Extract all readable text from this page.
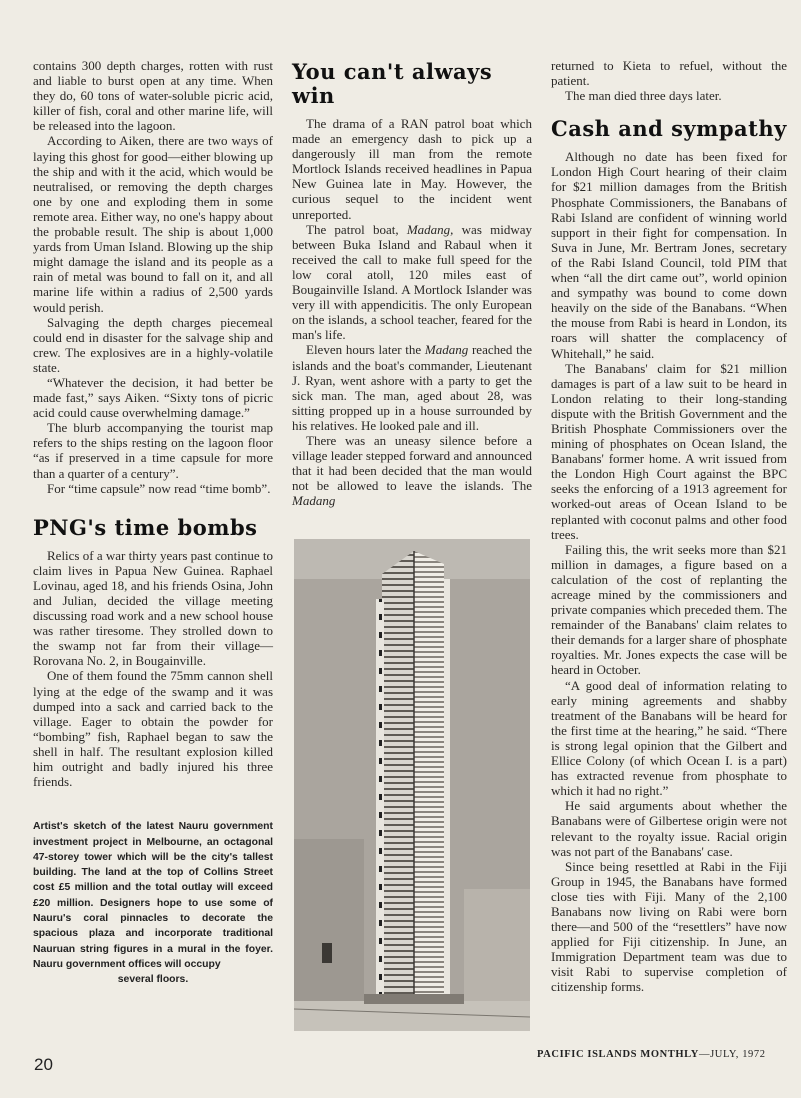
contains 300 depth charges, rotten with rust and liable to burst open at any time. When they do, 60 tons of water-soluble picric acid, killer of fish, coral and other marine life, will be released into the lagoon.

According to Aiken, there are two ways of laying this ghost for good—either blowing up the ship and with it the acid, which would be neutralised, or removing the depth charges one by one and exploding them in some remote area. Either way, no one's happy about the probable result. The ship is about 1,000 yards from Uman Island. Blowing up the ship might damage the island and its people as a rain of metal was bound to fall on it, and all marine life within a radius of 2,500 yards would perish.

Salvaging the depth charges piecemeal could end in disaster for the salvage ship and crew. The explosives are in a highly-volatile state.

“Whatever the decision, it had better be made fast,” says Aiken. “Sixty tons of picric acid could cause overwhelming damage.”

The blurb accompanying the tourist map refers to the ships resting on the lagoon floor “as if preserved in a time capsule for more than a quarter of a century”.

For “time capsule” now read “time bomb”.

PNG's time bombs

Relics of a war thirty years past continue to claim lives in Papua New Guinea. Raphael Lovinau, aged 18, and his friends Osina, John and Julian, decided the village meeting discussing road work and a new school house was rather tiresome. They strolled down to the swamp not far from their village—Rorovana No. 2, in Bougainville.

One of them found the 75mm cannon shell lying at the edge of the swamp and it was dumped into a sack and carried back to the village. Eager to obtain the powder for “bombing” fish, Raphael began to saw the shell in half. The resultant explosion killed him outright and badly injured his three friends.

Artist's sketch of the latest Nauru government investment project in Melbourne, an octagonal 47-storey tower which will be the city's tallest building. The land at the top of Collins Street cost £5 million and the total outlay will exceed £20 million. Designers hope to use some of Nauru's coral pinnacles to decorate the spacious plaza and incorporate traditional Nauruan string figures in a mural in the foyer. Nauru government offices will occupy
several floors.
You can't always win

The drama of a RAN patrol boat which made an emergency dash to pick up a dangerously ill man from the remote Mortlock Islands received headlines in Papua New Guinea late in May. However, the curious sequel to the incident went unreported.

The patrol boat, Madang, was midway between Buka Island and Rabaul when it received the call to make full speed for the low coral atoll, 120 miles east of Bougainville Island. A Mortlock Islander was very ill with appendicitis. The only European on the islands, a school teacher, feared for the man's life.

Eleven hours later the Madang reached the islands and the boat's commander, Lieutenant J. Ryan, went ashore with a party to get the sick man. The man, aged about 28, was sitting propped up in a house surrounded by his relatives. He looked pale and ill.

There was an uneasy silence before a village leader stepped forward and announced that it had been decided that the man would not be allowed to leave the islands. The Madang

returned to Kieta to refuel, without the patient.

The man died three days later.

Cash and sympathy

Although no date has been fixed for London High Court hearing of their claim for $21 million damages from the British Phosphate Commissioners, the Banabans of Rabi Island are confident of winning world support in their fight for compensation. In Suva in June, Mr. Bertram Jones, secretary of the Rabi Island Council, told PIM that when “all the dirt came out”, world opinion and sympathy was bound to come down heavily on the side of the Banabans. “When the mouse from Rabi is heard in London, its roars will shatter the complacency of Whitehall,” he said.

The Banabans' claim for $21 million damages is part of a law suit to be heard in London relating to their long-standing dispute with the British Government and the British Phosphate Commissioners over the mining of phosphates on Ocean Island, the Banabans' former home. A writ issued from the London High Court against the BPC seeks the enforcing of a 1913 agreement for worked-out areas of Ocean Island to be replanted with coconut palms and other food trees.

Failing this, the writ seeks more than $21 million in damages, a figure based on a calculation of the cost of replanting the acreage mined by the commissioners and private companies which preceded them. The remainder of the Banabans' claim relates to their demands for a larger share of phosphate royalties. Mr. Jones expects the case will be heard in October.

“A good deal of information relating to early mining agreements and shabby treatment of the Banabans will be heard for the first time at the hearing,” he said. “There is strong legal opinion that the Gilbert and Ellice Colony (of which Ocean I. is a part) has extracted revenue from phosphate to which it had no right.”

He said arguments about whether the Banabans were of Gilbertese origin were not relevant to the royalty issue. Racial origin was not part of the Banabans' case.

Since being resettled at Rabi in the Fiji Group in 1945, the Banabans have formed close ties with Fiji. Many of the 2,100 Banabans now living on Rabi were born there—and 500 of the “resettlers” have now applied for Fiji citizenship. In June, an Immigration Department team was due to visit Rabi to supervise completion of citizenship forms.

20
PACIFIC ISLANDS MONTHLY—JULY, 1972
